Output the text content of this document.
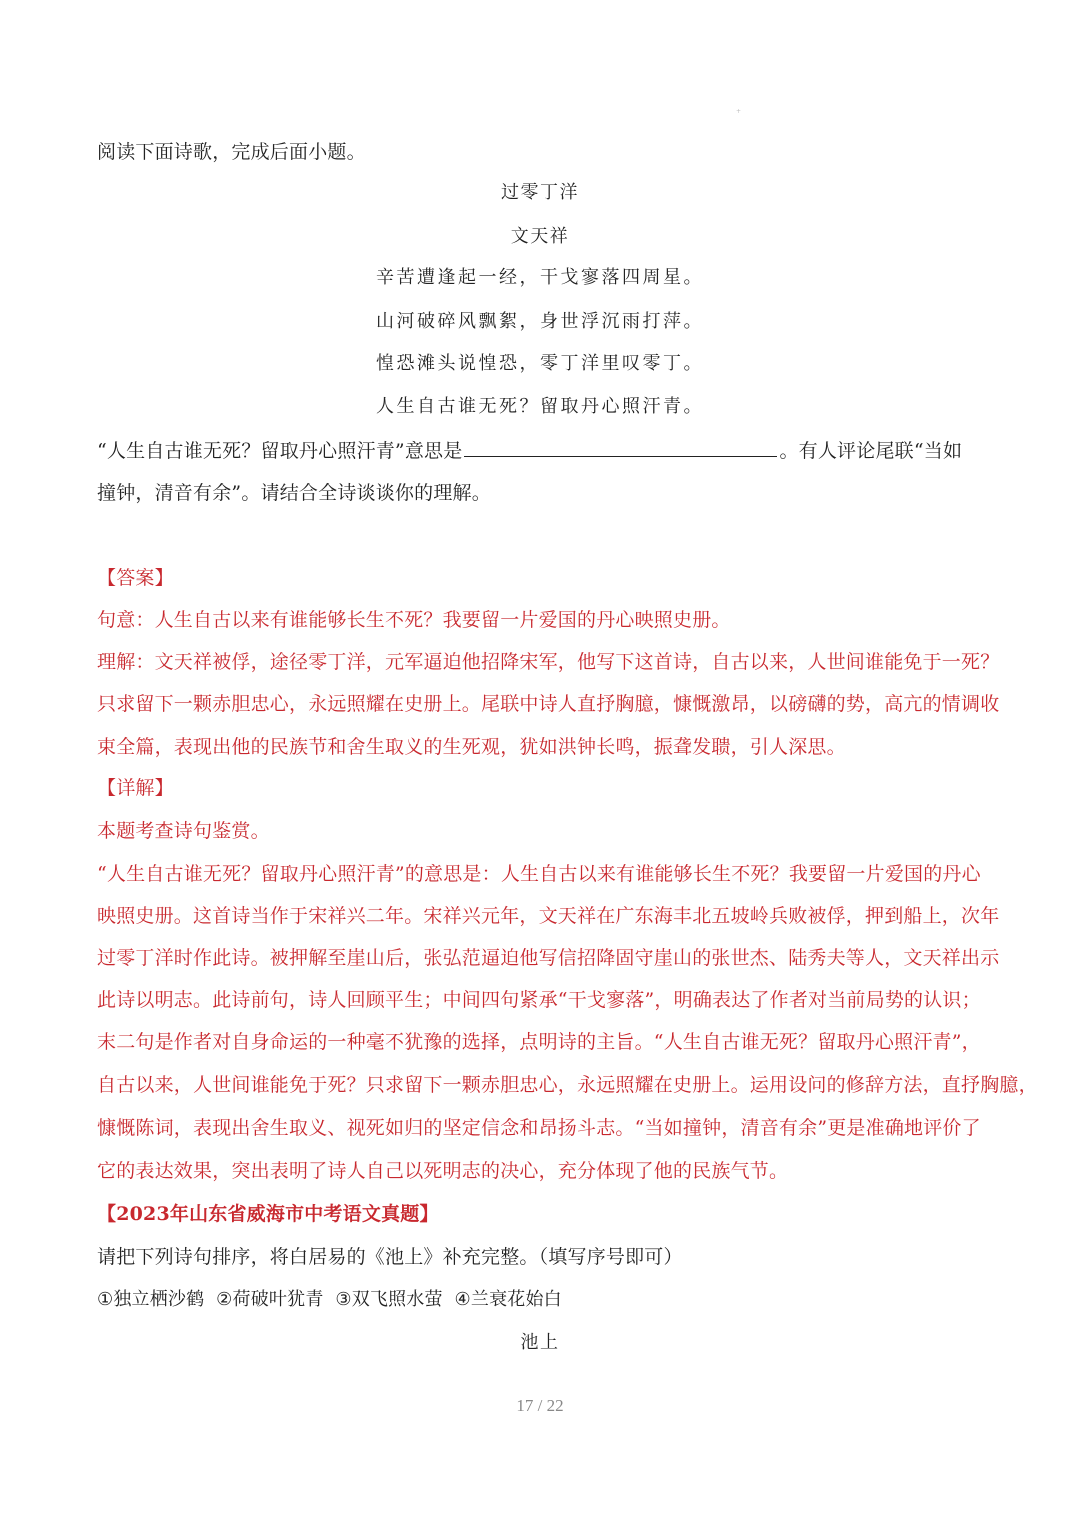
+
阅读下面诗歌，完成后面小题。
过零丁洋
文天祥
辛苦遭逢起一经，干戈寥落四周星。
山河破碎风飘絮，身世浮沉雨打萍。
惶恐滩头说惶恐，零丁洋里叹零丁。
人生自古谁无死？留取丹心照汗青。
“人生自古谁无死？留取丹心照汗青”意思是	。有人评论尾联“当如
撞钟，清音有余”。请结合全诗谈谈你的理解。
【答案】
句意：人生自古以来有谁能够长生不死？我要留一片爱国的丹心映照史册。
理解：文天祥被俘，途径零丁洋，元军逼迫他招降宋军，他写下这首诗，自古以来，人世间谁能免于一死？
只求留下一颗赤胆忠心，永远照耀在史册上。尾联中诗人直抒胸臆，慷慨激昂，以磅礴的势，高亢的情调收
束全篇，表现出他的民族节和舍生取义的生死观，犹如洪钟长鸣，振聋发聩，引人深思。
【详解】
本题考查诗句鉴赏。
“人生自古谁无死？留取丹心照汗青”的意思是：人生自古以来有谁能够长生不死？我要留一片爱国的丹心
映照史册。这首诗当作于宋祥兴二年。宋祥兴元年，文天祥在广东海丰北五坡岭兵败被俘，押到船上，次年
过零丁洋时作此诗。被押解至崖山后，张弘范逼迫他写信招降固守崖山的张世杰、陆秀夫等人，文天祥出示
此诗以明志。此诗前句，诗人回顾平生；中间四句紧承“干戈寥落”，明确表达了作者对当前局势的认识；
末二句是作者对自身命运的一种毫不犹豫的选择，点明诗的主旨。“人生自古谁无死？留取丹心照汗青”，
自古以来，人世间谁能免于死？只求留下一颗赤胆忠心，永远照耀在史册上。运用设问的修辞方法，直抒胸臆，
慷慨陈词，表现出舍生取义、视死如归的坚定信念和昂扬斗志。“当如撞钟，清音有余”更是准确地评价了
它的表达效果，突出表明了诗人自己以死明志的决心，充分体现了他的民族气节。
【2023年山东省威海市中考语文真题】
请把下列诗句排序，将白居易的《池上》补充完整。（填写序号即可）
①独立栖沙鹤  ②荷破叶犹青  ③双飞照水萤  ④兰衰花始白
池上
17 / 22
